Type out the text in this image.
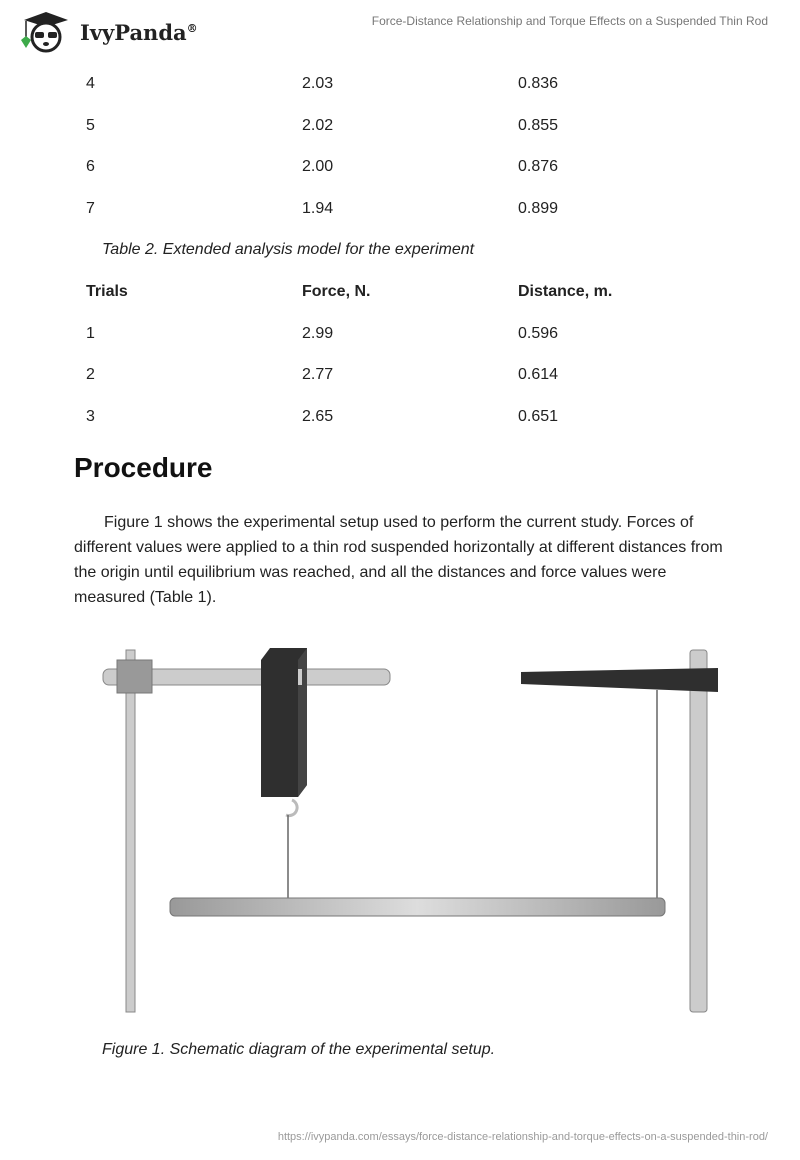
IvyPanda®	Force-Distance Relationship and Torque Effects on a Suspended Thin Rod
4	2.03	0.836
5	2.02	0.855
6	2.00	0.876
7	1.94	0.899
Table 2. Extended analysis model for the experiment
Trials	Force, N.	Distance, m.
1	2.99	0.596
2	2.77	0.614
3	2.65	0.651
Procedure

Figure 1 shows the experimental setup used to perform the current study. Forces of different values were applied to a thin rod suspended horizontally at different distances from the origin until equilibrium was reached, and all the distances and force values were measured (Table 1).

Figure 1. Schematic diagram of the experimental setup.
https://ivypanda.com/essays/force-distance-relationship-and-torque-effects-on-a-suspended-thin-rod/
